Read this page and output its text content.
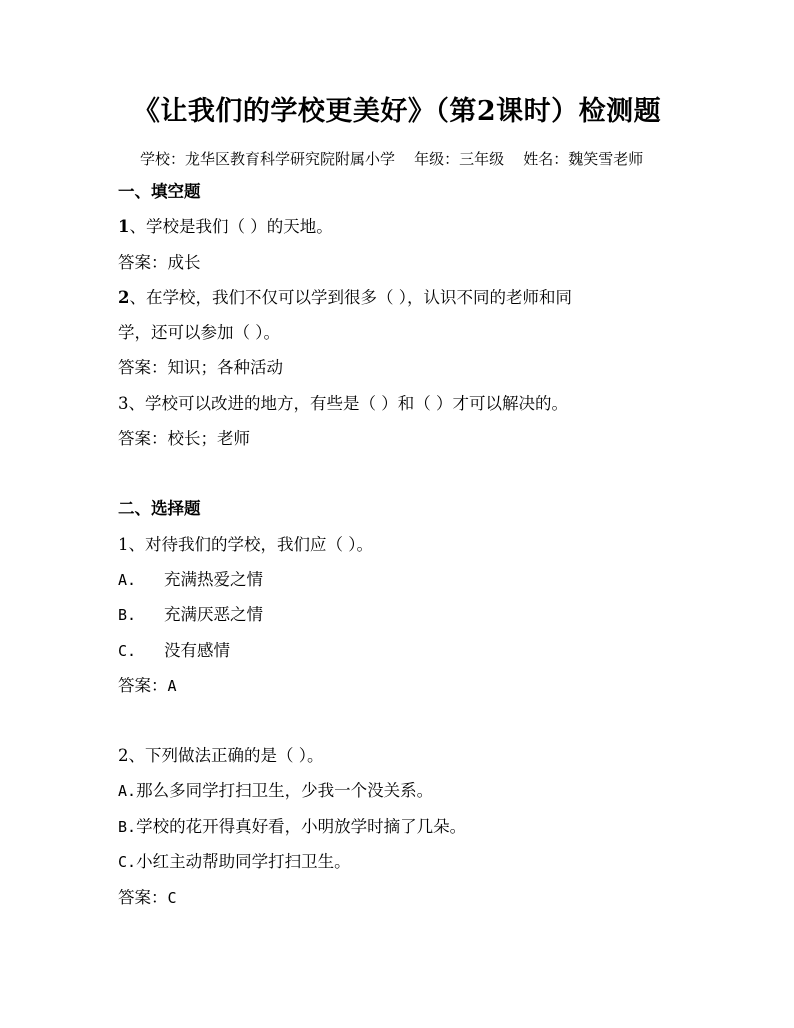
《让我们的学校更美好》（第2课时）检测题
学校：龙华区教育科学研究院附属小学 年级：三年级 姓名：魏笑雪老师
一、填空题
1、学校是我们（ ）的天地。
答案：成长
2、在学校，我们不仅可以学到很多（ ），认识不同的老师和同
学，还可以参加（ ）。
答案：知识；各种活动
3、学校可以改进的地方，有些是（ ）和（ ）才可以解决的。
答案：校长；老师
二、选择题
1、对待我们的学校，我们应（ ）。
A. 充满热爱之情
B. 充满厌恶之情
C. 没有感情
答案：A
2、下列做法正确的是（ ）。
A.那么多同学打扫卫生，少我一个没关系。
B.学校的花开得真好看，小明放学时摘了几朵。
C.小红主动帮助同学打扫卫生。
答案：C
